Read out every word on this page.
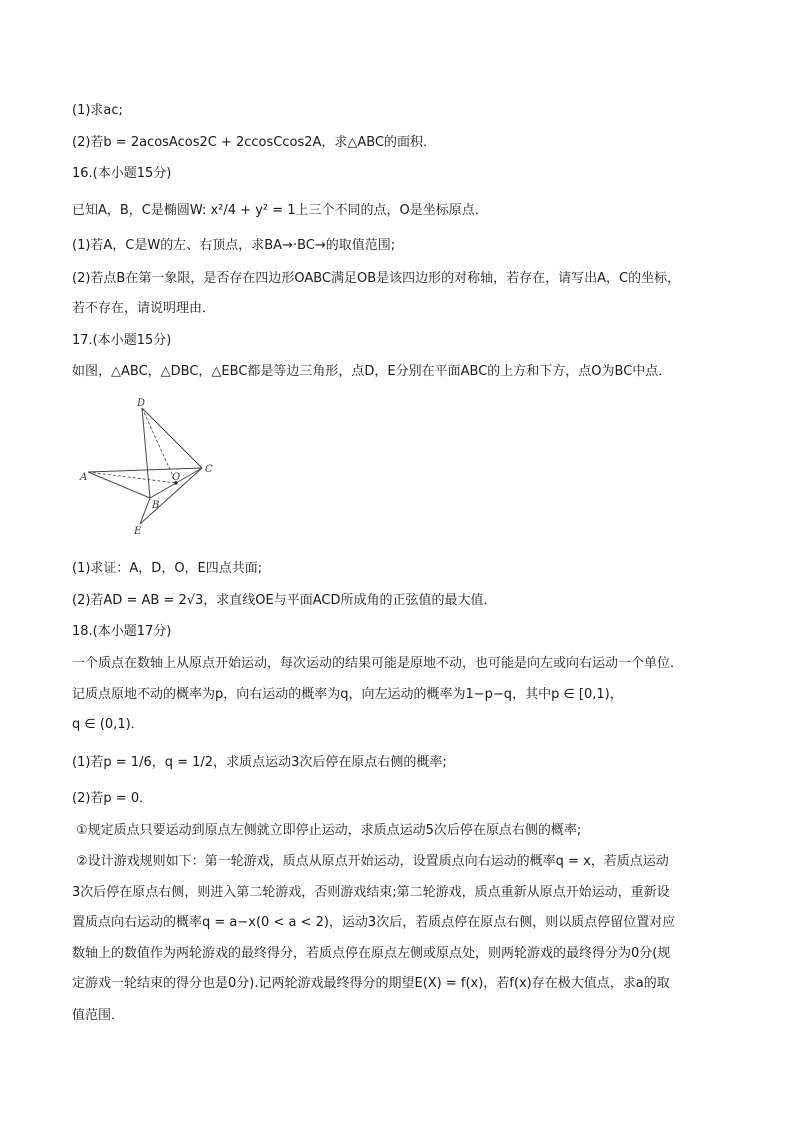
(1)求ac;
(2)若b = 2acosAcos2C + 2ccosCcos2A，求△ABC的面积．
16.(本小题15分)
已知A，B，C是椭圆W: x²/4 + y² = 1上三个不同的点，O是坐标原点．
(1)若A，C是W的左、右顶点，求BA→·BC→的取值范围;
(2)若点B在第一象限，是否存在四边形OABC满足OB是该四边形的对称轴，若存在，请写出A，C的坐标，
若不存在，请说明理由．
17.(本小题15分)
如图，△ABC，△DBC，△EBC都是等边三角形，点D，E分别在平面ABC的上方和下方，点O为BC中点．
A
B
C
D
E
O
(1)求证：A，D，O，E四点共面;
(2)若AD = AB = 2√3，求直线OE与平面ACD所成角的正弦值的最大值．
18.(本小题17分)
一个质点在数轴上从原点开始运动，每次运动的结果可能是原地不动，也可能是向左或向右运动一个单位．
记质点原地不动的概率为p，向右运动的概率为q，向左运动的概率为1−p−q，其中p ∈ [0,1)，
q ∈ (0,1)．
(1)若p = 1/6，q = 1/2，求质点运动3次后停在原点右侧的概率;
(2)若p = 0．
①规定质点只要运动到原点左侧就立即停止运动，求质点运动5次后停在原点右侧的概率;
②设计游戏规则如下：第一轮游戏，质点从原点开始运动，设置质点向右运动的概率q = x，若质点运动
3次后停在原点右侧，则进入第二轮游戏，否则游戏结束;第二轮游戏，质点重新从原点开始运动，重新设
置质点向右运动的概率q = a−x(0 < a < 2)，运动3次后，若质点停在原点右侧，则以质点停留位置对应
数轴上的数值作为两轮游戏的最终得分，若质点停在原点左侧或原点处，则两轮游戏的最终得分为0分(规
定游戏一轮结束的得分也是0分).记两轮游戏最终得分的期望E(X) = f(x)，若f(x)存在极大值点，求a的取
值范围．
